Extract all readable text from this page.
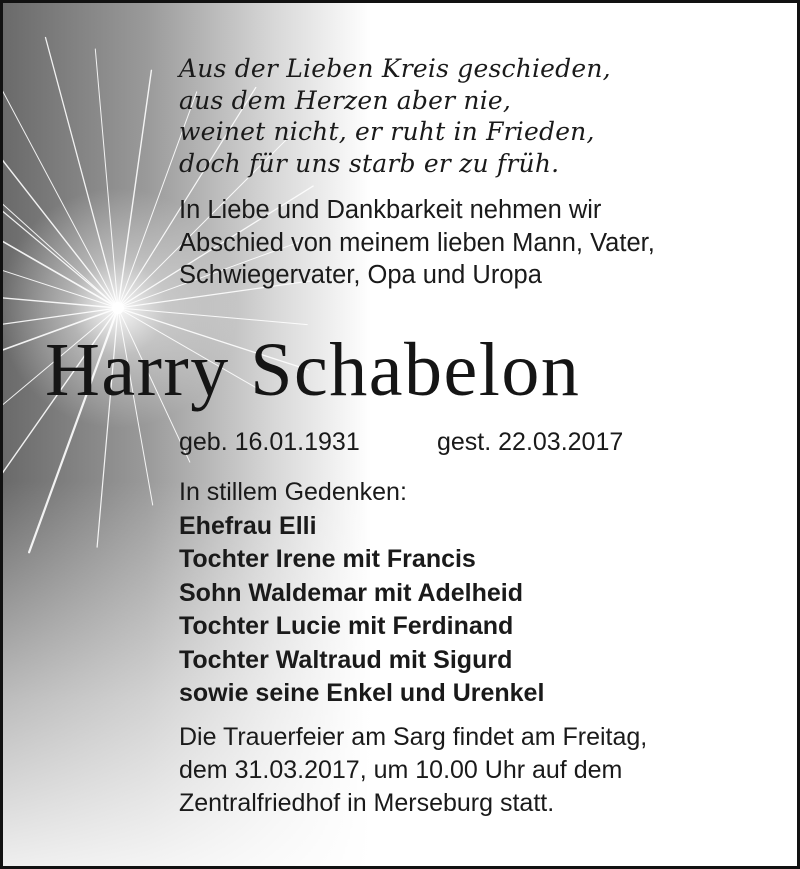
Aus der Lieben Kreis geschieden,
aus dem Herzen aber nie,
weinet nicht, er ruht in Frieden,
doch für uns starb er zu früh.
In Liebe und Dankbarkeit nehmen wir
Abschied von meinem lieben Mann, Vater,
Schwiegervater, Opa und Uropa
Harry Schabelon
geb. 16.01.1931	gest. 22.03.2017
In stillem Gedenken:
Ehefrau Elli
Tochter Irene mit Francis
Sohn Waldemar mit Adelheid
Tochter Lucie mit Ferdinand
Tochter Waltraud mit Sigurd
sowie seine Enkel und Urenkel
Die Trauerfeier am Sarg findet am Freitag,
dem 31.03.2017, um 10.00 Uhr auf dem
Zentralfriedhof in Merseburg statt.
